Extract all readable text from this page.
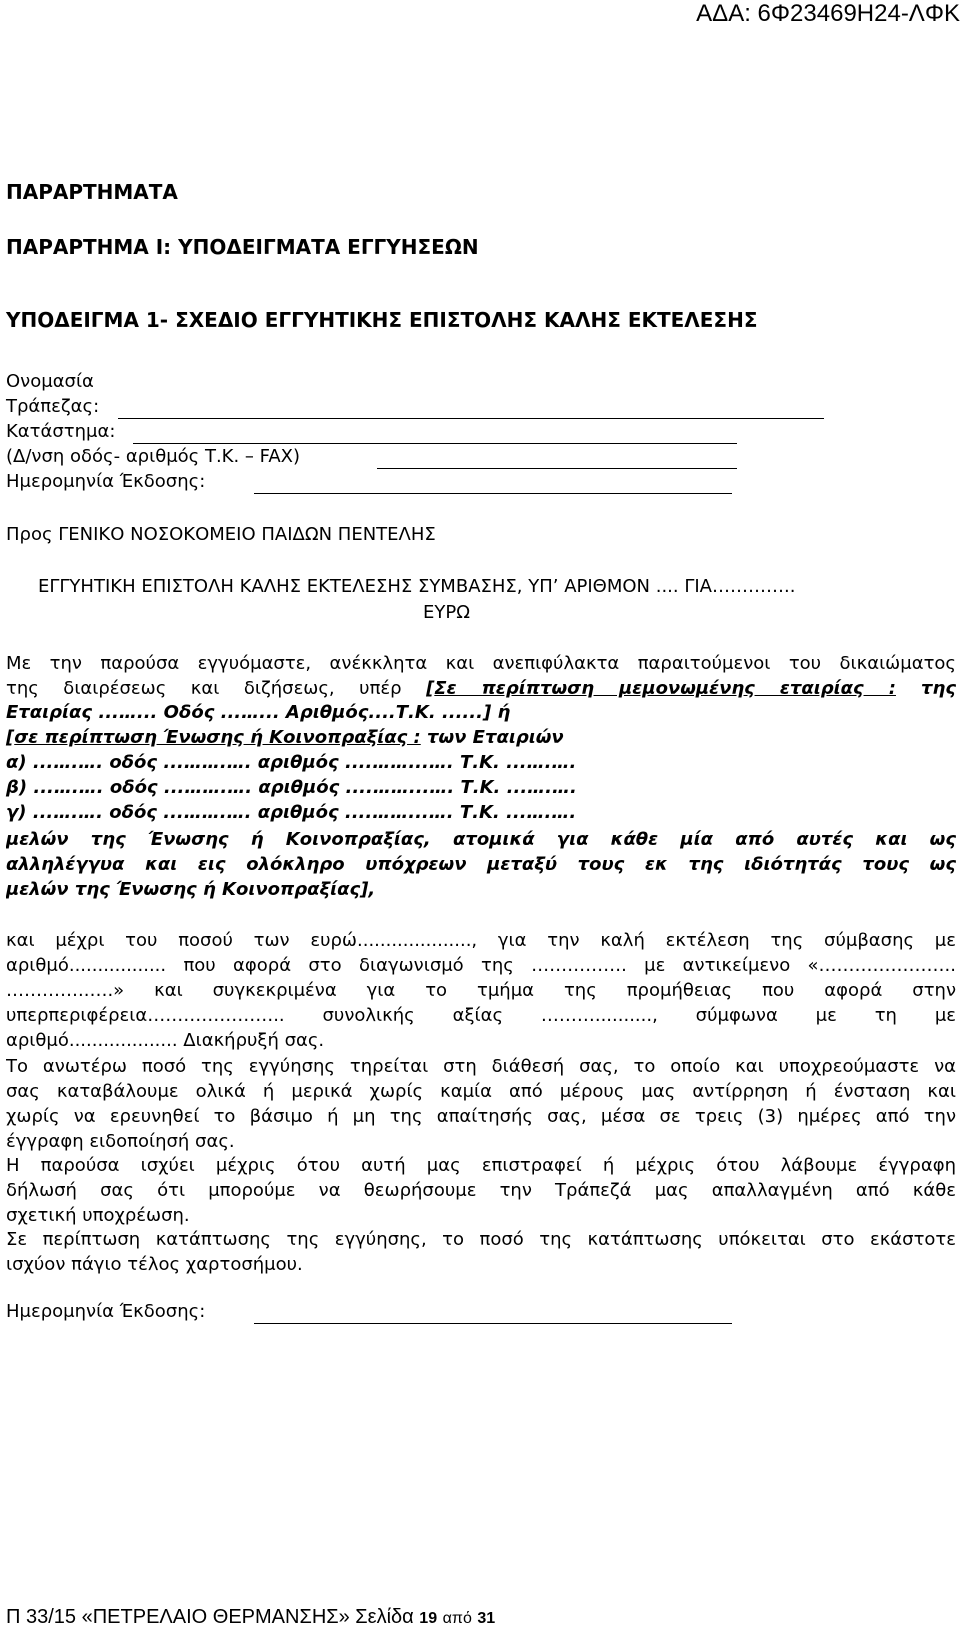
ΑΔΑ: 6Φ23469Η24-ΛΦΚ
ΠΑΡΑΡΤΗΜΑΤΑ
ΠΑΡΑΡΤΗΜΑ Ι: ΥΠΟΔΕΙΓΜΑΤΑ ΕΓΓΥΗΣΕΩΝ
ΥΠΟΔΕΙΓΜΑ 1- ΣΧΕΔΙΟ ΕΓΓΥΗΤΙΚΗΣ ΕΠΙΣΤΟΛΗΣ ΚΑΛΗΣ ΕΚΤΕΛΕΣΗΣ
Ονομασία
Τράπεζας:
Κατάστημα:
(Δ/νση οδός- αριθμός Τ.Κ. – FAX)
Ημερομηνία Έκδοσης:
Προς ΓΕΝΙΚΟ ΝΟΣΟΚΟΜΕΙΟ ΠΑΙΔΩΝ ΠΕΝΤΕΛΗΣ
ΕΓΓΥΗΤΙΚΗ ΕΠΙΣΤΟΛΗ ΚΑΛΗΣ ΕΚΤΕΛΕΣΗΣ ΣΥΜΒΑΣΗΣ, ΥΠ’ ΑΡΙΘΜΟΝ .... ΓΙΑ…………..
ΕΥΡΩ
Με την παρούσα εγγυόμαστε, ανέκκλητα και ανεπιφύλακτα παραιτούμενοι του δικαιώματος
της διαιρέσεως και διζήσεως, υπέρ [Σε περίπτωση μεμονωμένης εταιρίας : της
Εταιρίας ...…... Οδός ...…... Αριθμός....Τ.Κ. ......] ή
[σε περίπτωση Ένωσης ή Κοινοπραξίας : των Εταιριών
α) ...….…. οδός ...…….…. αριθμός ....……...…. Τ.Κ. ...….….
β) ...….…. οδός ...…….…. αριθμός ....……...…. Τ.Κ. ...….….
γ) ...….…. οδός ...…….…. αριθμός ....……...…. Τ.Κ. ...….….
μελών της Ένωσης ή Κοινοπραξίας, ατομικά για κάθε μία από αυτές και ως
αλληλέγγυα και εις ολόκληρο υπόχρεων μεταξύ τους εκ της ιδιότητάς τους ως
μελών της Ένωσης ή Κοινοπραξίας],
και μέχρι του ποσού των ευρώ...................., για την καλή εκτέλεση της σύμβασης με
αριθμό................. που αφορά στο διαγωνισμό της ……………. με αντικείμενο «…………………..
…………..….» και συγκεκριμένα για το τμήμα της προμήθειας που αφορά στην
υπερπεριφέρεια………………….. συνολικής αξίας ……….........., σύμφωνα με τη με
αριθμό................... Διακήρυξή σας.
Το ανωτέρω ποσό της εγγύησης τηρείται στη διάθεσή σας, το οποίο και υποχρεούμαστε να
σας καταβάλουμε ολικά ή μερικά χωρίς καμία από μέρους μας αντίρρηση ή ένσταση και
χωρίς να ερευνηθεί το βάσιμο ή μη της απαίτησής σας, μέσα σε τρεις (3) ημέρες από την
έγγραφη ειδοποίησή σας.
Η παρούσα ισχύει μέχρις ότου αυτή μας επιστραφεί ή μέχρις ότου λάβουμε έγγραφη
δήλωσή σας ότι μπορούμε να θεωρήσουμε την Τράπεζά μας απαλλαγμένη από κάθε
σχετική υποχρέωση.
Σε περίπτωση κατάπτωσης της εγγύησης, το ποσό της κατάπτωσης υπόκειται στο εκάστοτε
ισχύον πάγιο τέλος χαρτοσήμου.
Ημερομηνία Έκδοσης:
Π 33/15 «ΠΕΤΡΕΛΑΙΟ ΘΕΡΜΑΝΣΗΣ» Σελίδα 19 από 31
